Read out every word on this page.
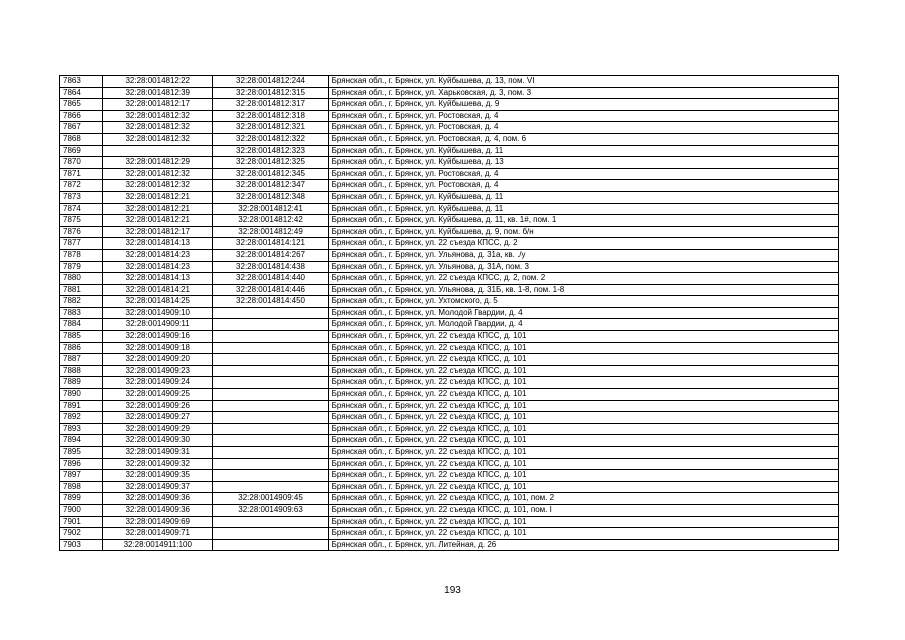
7863	32:28:0014812:22	32:28:0014812:244	Брянская обл., г. Брянск, ул. Куйбышева, д. 13, пом. VI
7864	32:28:0014812:39	32:28:0014812:315	Брянская обл., г. Брянск, ул. Харьковская, д. 3, пом. 3
7865	32:28:0014812:17	32:28:0014812:317	Брянская обл., г. Брянск, ул. Куйбышева, д. 9
7866	32:28:0014812:32	32:28:0014812:318	Брянская обл., г. Брянск, ул. Ростовская, д. 4
7867	32:28:0014812:32	32:28:0014812:321	Брянская обл., г. Брянск, ул. Ростовская, д. 4
7868	32:28:0014812:32	32:28:0014812:322	Брянская обл., г. Брянск, ул. Ростовская, д. 4, пом. 6
7869		32:28:0014812:323	Брянская обл., г. Брянск, ул. Куйбышева, д. 11
7870	32:28:0014812:29	32:28:0014812:325	Брянская обл., г. Брянск, ул. Куйбышева, д. 13
7871	32:28:0014812:32	32:28:0014812:345	Брянская обл., г. Брянск, ул. Ростовская, д. 4
7872	32:28:0014812:32	32:28:0014812:347	Брянская обл., г. Брянск, ул. Ростовская, д. 4
7873	32:28:0014812:21	32:28:0014812:348	Брянская обл., г. Брянск, ул. Куйбышева, д. 11
7874	32:28:0014812:21	32:28:0014812:41	Брянская обл., г. Брянск, ул. Куйбышева, д. 11
7875	32:28:0014812:21	32:28:0014812:42	Брянская обл., г. Брянск, ул. Куйбышева, д. 11, кв. 1#, пом. 1
7876	32:28:0014812:17	32:28:0014812:49	Брянская обл., г. Брянск, ул. Куйбышева, д. 9, пом. б/н
7877	32:28:0014814:13	32:28:0014814:121	Брянская обл., г. Брянск, ул. 22 съезда КПСС, д. 2
7878	32:28:0014814:23	32:28:0014814:267	Брянская обл., г. Брянск, ул. Ульянова, д. 31а, кв. ./у
7879	32:28:0014814:23	32:28:0014814:438	Брянская обл., г. Брянск, ул. Ульянова, д. 31А, пом. 3
7880	32:28:0014814:13	32:28:0014814:440	Брянская обл., г. Брянск, ул. 22 съезда КПСС, д. 2, пом. 2
7881	32:28:0014814:21	32:28:0014814:446	Брянская обл., г. Брянск, ул. Ульянова, д. 31Б, кв. 1-8, пом. 1-8
7882	32:28:0014814:25	32:28:0014814:450	Брянская обл., г. Брянск, ул. Ухтомского, д. 5
7883	32:28:0014909:10		Брянская обл., г. Брянск, ул. Молодой Гвардии, д. 4
7884	32:28:0014909:11		Брянская обл., г. Брянск, ул. Молодой Гвардии, д. 4
7885	32:28:0014909:16		Брянская обл., г. Брянск, ул. 22 съезда КПСС, д. 101
7886	32:28:0014909:18		Брянская обл., г. Брянск, ул. 22 съезда КПСС, д. 101
7887	32:28:0014909:20		Брянская обл., г. Брянск, ул. 22 съезда КПСС, д. 101
7888	32:28:0014909:23		Брянская обл., г. Брянск, ул. 22 съезда КПСС, д. 101
7889	32:28:0014909:24		Брянская обл., г. Брянск, ул. 22 съезда КПСС, д. 101
7890	32:28:0014909:25		Брянская обл., г. Брянск, ул. 22 съезда КПСС, д. 101
7891	32:28:0014909:26		Брянская обл., г. Брянск, ул. 22 съезда КПСС, д. 101
7892	32:28:0014909:27		Брянская обл., г. Брянск, ул. 22 съезда КПСС, д. 101
7893	32:28:0014909:29		Брянская обл., г. Брянск, ул. 22 съезда КПСС, д. 101
7894	32:28:0014909:30		Брянская обл., г. Брянск, ул. 22 съезда КПСС, д. 101
7895	32:28:0014909:31		Брянская обл., г. Брянск, ул. 22 съезда КПСС, д. 101
7896	32:28:0014909:32		Брянская обл., г. Брянск, ул. 22 съезда КПСС, д. 101
7897	32:28:0014909:35		Брянская обл., г. Брянск, ул. 22 съезда КПСС, д. 101
7898	32:28:0014909:37		Брянская обл., г. Брянск, ул. 22 съезда КПСС, д. 101
7899	32:28:0014909:36	32:28:0014909:45	Брянская обл., г. Брянск, ул. 22 съезда КПСС, д. 101, пом. 2
7900	32:28:0014909:36	32:28:0014909:63	Брянская обл., г. Брянск, ул. 22 съезда КПСС, д. 101, пом. I
7901	32:28:0014909:69		Брянская обл., г. Брянск, ул. 22 съезда КПСС, д. 101
7902	32:28:0014909:71		Брянская обл., г. Брянск, ул. 22 съезда КПСС, д. 101
7903	32:28:0014911:100		Брянская обл., г. Брянск, ул. Литейная, д. 26
193
